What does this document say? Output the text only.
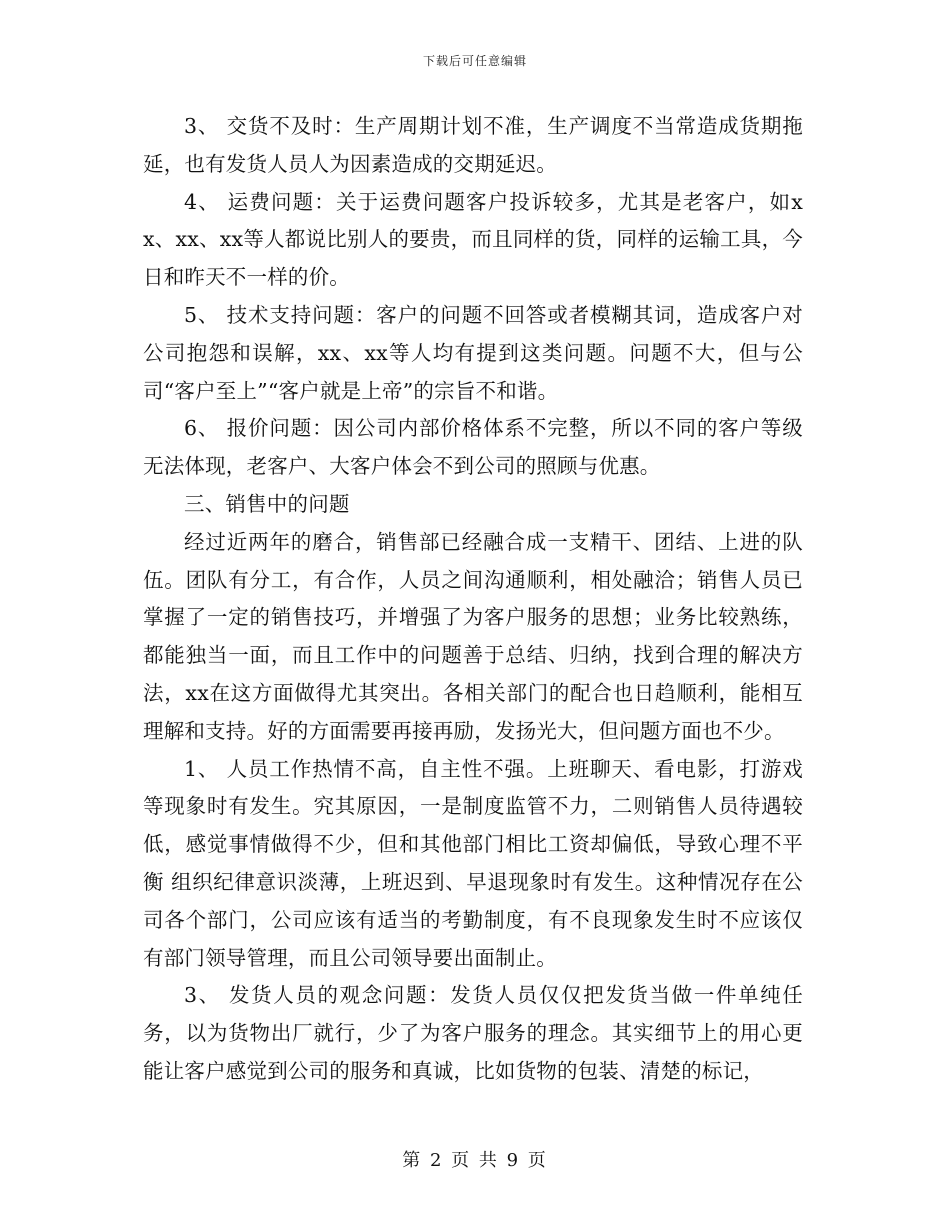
下载后可任意编辑

3、 交货不及时：生产周期计划不准，生产调度不当常造成货期拖延，也有发货人员人为因素造成的交期延迟。

4、 运费问题：关于运费问题客户投诉较多，尤其是老客户，如xx、xx、xx等人都说比别人的要贵，而且同样的货，同样的运输工具，今日和昨天不一样的价。

5、 技术支持问题：客户的问题不回答或者模糊其词，造成客户对公司抱怨和误解，xx、xx等人均有提到这类问题。问题不大，但与公司“客户至上”“客户就是上帝”的宗旨不和谐。

6、 报价问题：因公司内部价格体系不完整，所以不同的客户等级无法体现，老客户、大客户体会不到公司的照顾与优惠。

三、销售中的问题

经过近两年的磨合，销售部已经融合成一支精干、团结、上进的队伍。团队有分工，有合作，人员之间沟通顺利，相处融洽；销售人员已掌握了一定的销售技巧，并增强了为客户服务的思想；业务比较熟练，都能独当一面，而且工作中的问题善于总结、归纳，找到合理的解决方法，xx在这方面做得尤其突出。各相关部门的配合也日趋顺利，能相互理解和支持。好的方面需要再接再励，发扬光大，但问题方面也不少。

1、 人员工作热情不高，自主性不强。上班聊天、看电影，打游戏等现象时有发生。究其原因，一是制度监管不力，二则销售人员待遇较低，感觉事情做得不少，但和其他部门相比工资却偏低，导致心理不平衡 组织纪律意识淡薄，上班迟到、早退现象时有发生。这种情况存在公司各个部门，公司应该有适当的考勤制度，有不良现象发生时不应该仅有部门领导管理，而且公司领导要出面制止。

3、 发货人员的观念问题：发货人员仅仅把发货当做一件单纯任务，以为货物出厂就行，少了为客户服务的理念。其实细节上的用心更能让客户感觉到公司的服务和真诚，比如货物的包装、清楚的标记，

第 2 页 共 9 页
